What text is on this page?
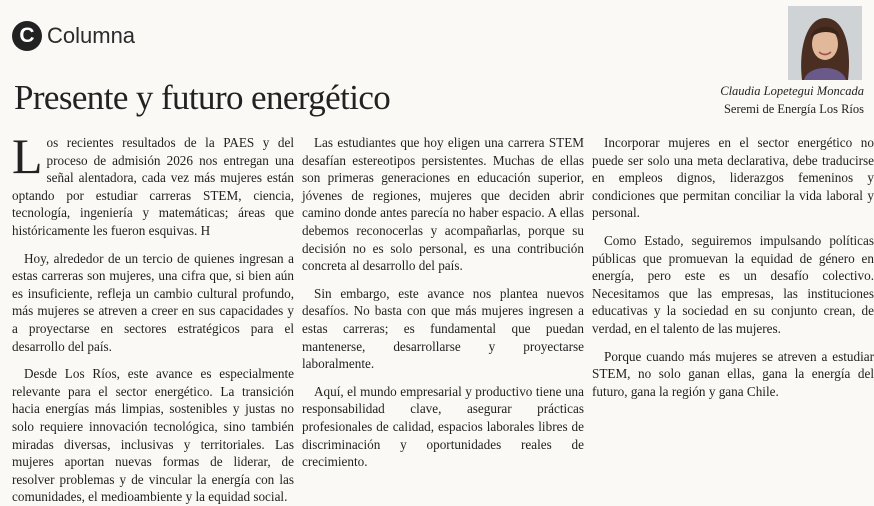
C Columna
Presente y futuro energético	Claudia Lopetegui Moncada
Seremi de Energía Los Ríos

Los recientes resultados de la PAES y del proceso de admisión 2026 nos entregan una señal alentadora, cada vez más mujeres están optando por estudiar carreras STEM, ciencia, tecnología, ingeniería y matemáticas; áreas que históricamente les fueron esquivas. H

Hoy, alrededor de un tercio de quienes ingresan a estas carreras son mujeres, una cifra que, si bien aún es insuficiente, refleja un cambio cultural profundo, más mujeres se atreven a creer en sus capacidades y a proyectarse en sectores estratégicos para el desarrollo del país.

Desde Los Ríos, este avance es especialmente relevante para el sector energético. La transición hacia energías más limpias, sostenibles y justas no solo requiere innovación tecnológica, sino también miradas diversas, inclusivas y territoriales. Las mujeres aportan nuevas formas de liderar, de resolver problemas y de vincular la energía con las comunidades, el medioambiente y la equidad social.

Las estudiantes que hoy eligen una carrera STEM desafían estereotipos persistentes. Muchas de ellas son primeras generaciones en educación superior, jóvenes de regiones, mujeres que deciden abrir camino donde antes parecía no haber espacio. A ellas debemos reconocerlas y acompañarlas, porque su decisión no es solo personal, es una contribución concreta al desarrollo del país.

Sin embargo, este avance nos plantea nuevos desafíos. No basta con que más mujeres ingresen a estas carreras; es fundamental que puedan mantenerse, desarrollarse y proyectarse laboralmente.

Aquí, el mundo empresarial y productivo tiene una responsabilidad clave, asegurar prácticas profesionales de calidad, espacios laborales libres de discriminación y oportunidades reales de crecimiento.

Incorporar mujeres en el sector energético no puede ser solo una meta declarativa, debe traducirse en empleos dignos, liderazgos femeninos y condiciones que permitan conciliar la vida laboral y personal.

Como Estado, seguiremos impulsando políticas públicas que promuevan la equidad de género en energía, pero este es un desafío colectivo. Necesitamos que las empresas, las instituciones educativas y la sociedad en su conjunto crean, de verdad, en el talento de las mujeres.

Porque cuando más mujeres se atreven a estudiar STEM, no solo ganan ellas, gana la energía del futuro, gana la región y gana Chile.
